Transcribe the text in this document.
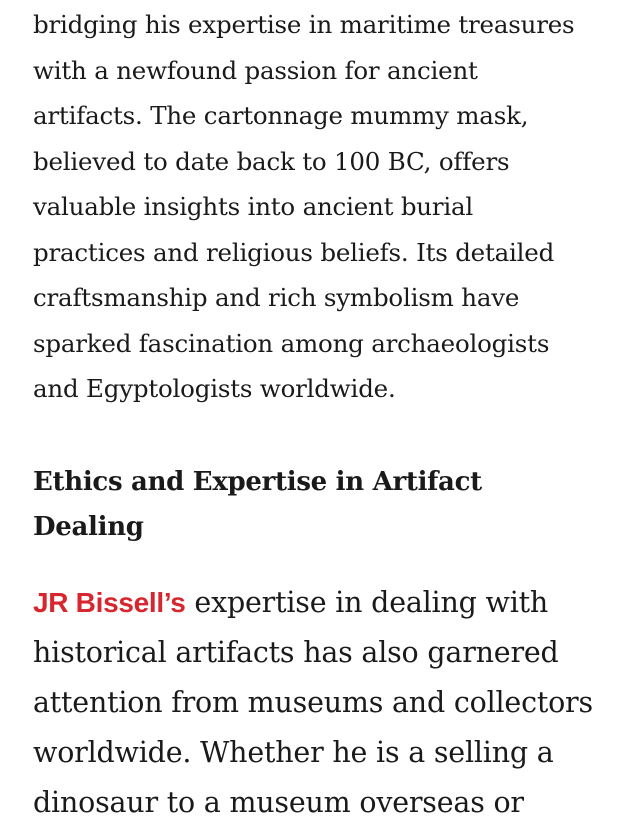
bridging his expertise in maritime treasures
with a newfound passion for ancient
artifacts. The cartonnage mummy mask,
believed to date back to 100 BC, offers
valuable insights into ancient burial
practices and religious beliefs. Its detailed
craftsmanship and rich symbolism have
sparked fascination among archaeologists
and Egyptologists worldwide.

Ethics and Expertise in Artifact
Dealing

JR Bissell’s expertise in dealing with
historical artifacts has also garnered
attention from museums and collectors
worldwide. Whether he is a selling a
dinosaur to a museum overseas or
